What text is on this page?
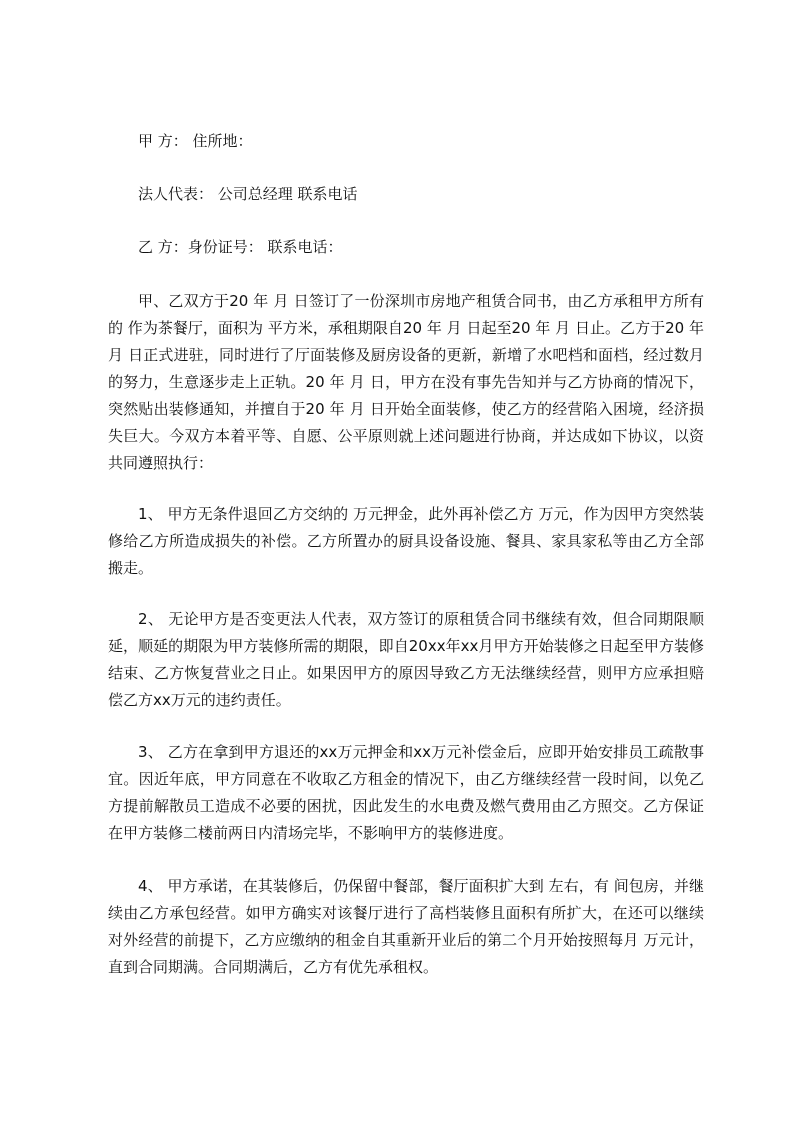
甲 方： 住所地：
法人代表： 公司总经理 联系电话
乙 方：身份证号： 联系电话：

甲、乙双方于20 年 月 日签订了一份深圳市房地产租赁合同书，由乙方承租甲方所有的 作为茶餐厅，面积为 平方米，承租期限自20 年 月 日起至20 年 月 日止。乙方于20 年 月 日正式进驻，同时进行了厅面装修及厨房设备的更新，新增了水吧档和面档，经过数月的努力，生意逐步走上正轨。20 年 月 日，甲方在没有事先告知并与乙方协商的情况下，突然贴出装修通知，并擅自于20 年 月 日开始全面装修，使乙方的经营陷入困境，经济损失巨大。今双方本着平等、自愿、公平原则就上述问题进行协商，并达成如下协议，以资共同遵照执行：

1、 甲方无条件退回乙方交纳的 万元押金，此外再补偿乙方 万元，作为因甲方突然装修给乙方所造成损失的补偿。乙方所置办的厨具设备设施、餐具、家具家私等由乙方全部搬走。

2、 无论甲方是否变更法人代表，双方签订的原租赁合同书继续有效，但合同期限顺延，顺延的期限为甲方装修所需的期限，即自20xx年xx月甲方开始装修之日起至甲方装修结束、乙方恢复营业之日止。如果因甲方的原因导致乙方无法继续经营，则甲方应承担赔偿乙方xx万元的违约责任。

3、 乙方在拿到甲方退还的xx万元押金和xx万元补偿金后，应即开始安排员工疏散事宜。因近年底，甲方同意在不收取乙方租金的情况下，由乙方继续经营一段时间，以免乙方提前解散员工造成不必要的困扰，因此发生的水电费及燃气费用由乙方照交。乙方保证在甲方装修二楼前两日内清场完毕，不影响甲方的装修进度。

4、 甲方承诺，在其装修后，仍保留中餐部，餐厅面积扩大到 左右，有 间包房，并继续由乙方承包经营。如甲方确实对该餐厅进行了高档装修且面积有所扩大，在还可以继续对外经营的前提下，乙方应缴纳的租金自其重新开业后的第二个月开始按照每月 万元计，直到合同期满。合同期满后，乙方有优先承租权。
